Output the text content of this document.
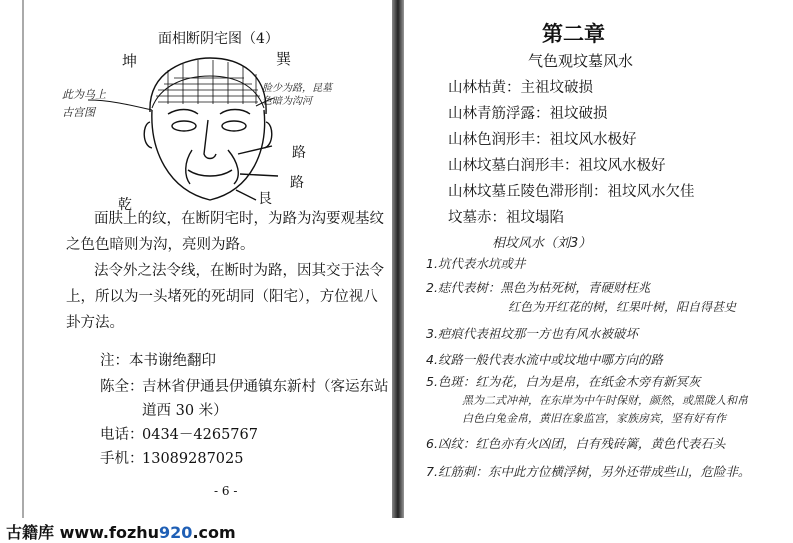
面相断阴宅图（4）
坤	巽
艮
乾
路
路
此为乌上
古宫图
脸少为路，昆墓
色暗为沟河
面肤上的纹，在断阴宅时，为路为沟要观基纹
之色色暗则为沟，亮则为路。
法令外之法令线，在断时为路，因其交于法令
上，所以为一头堵死的死胡同（阳宅），方位视八
卦方法。
注：本书谢绝翻印
陈全：
吉林省伊通县伊通镇东新村（客运东站
道西 30 米）
电话：
0434－4265767
手机：
13089287025
- 6 -
第二章
气色观坟墓风水
山林枯黄：主祖坟破损
山林青筋浮露：祖坟破损
山林色润形丰：祖坟风水极好
山林坟墓白润形丰：祖坟风水极好
山林坟墓丘陵色滞形削：祖坟风水欠佳
坟墓赤：祖坟塌陷
相坟风水（刘3）
1.坑代表水坑或井
2.痣代表树：黑色为枯死树，青硬财枉兆
红色为开红花的树，红果叶树，阳自得甚史
3.疤痕代表祖坟那一方也有风水被破坏
4.纹路一般代表水流中或坟地中哪方向的路
5.色斑：红为花，白为是帛，在纸金木旁有新冥灰
黑为二式冲神，在东岸为中午时保财，颜然，或黑陇人和帛
白色白兔金帛，黄旧在象监宫，家族房宾，坚有好有作
6.凶纹：红色亦有火凶团，白有残砖篱，黄色代表石头
7.红筋刺：东中此方位横浮树，另外还带成些山，危险非。
古籍库 www.fozhu920.com
